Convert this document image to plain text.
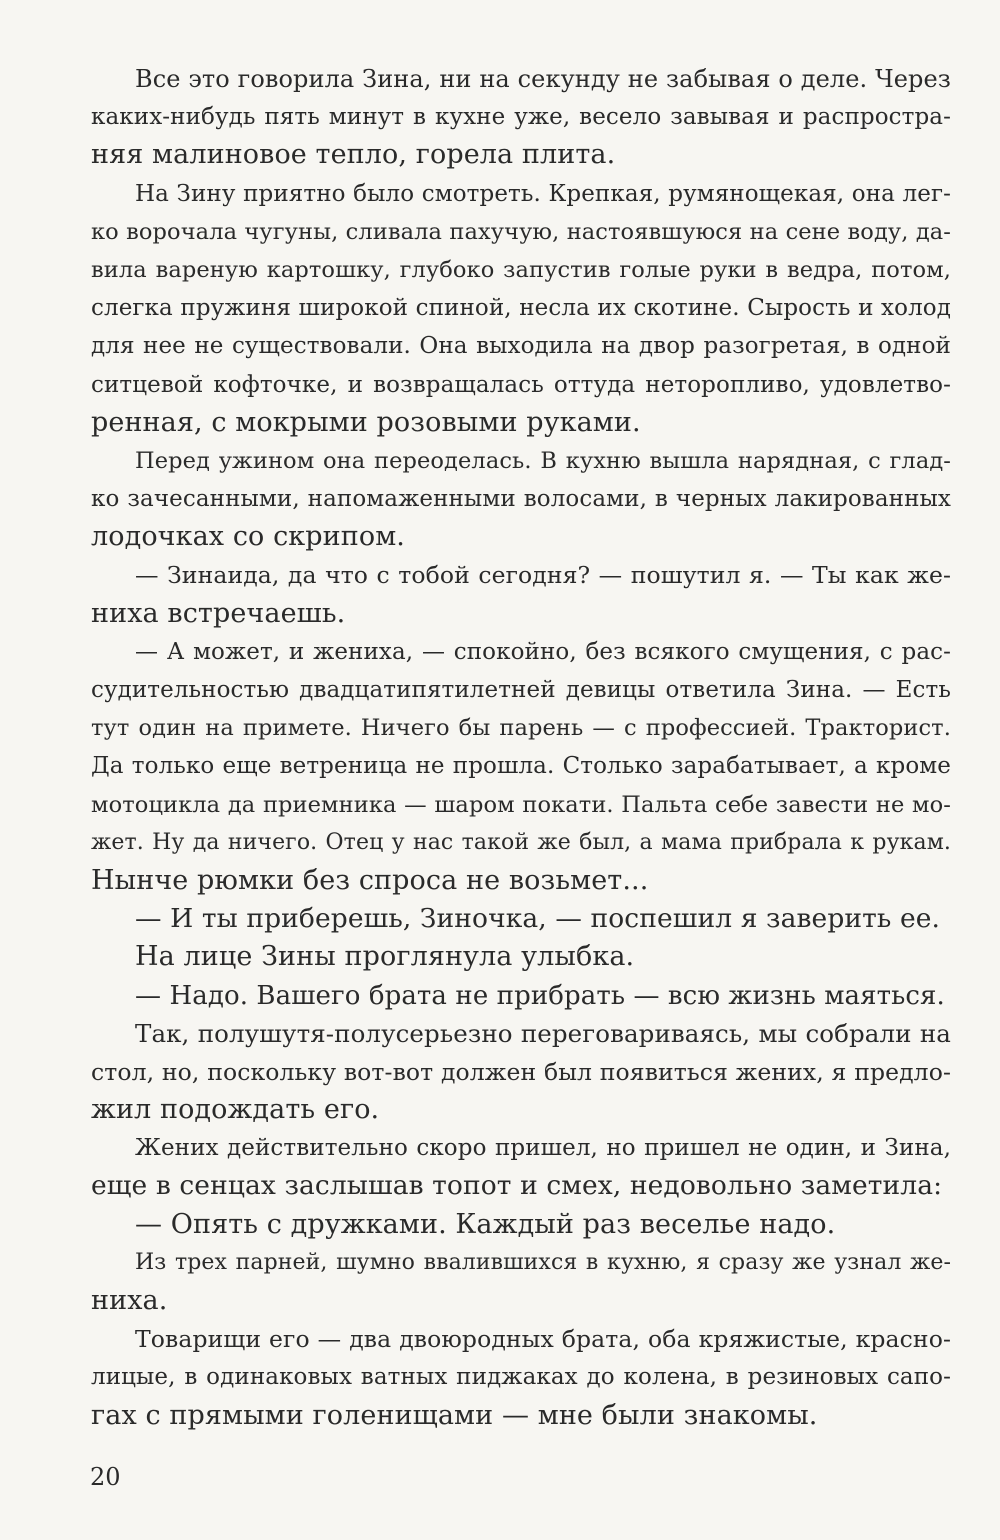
Все это говорила Зина, ни на секунду не забывая о деле. Через
каких-нибудь пять минут в кухне уже, весело завывая и распростра-
няя малиновое тепло, горела плита.
На Зину приятно было смотреть. Крепкая, румянощекая, она лег-
ко ворочала чугуны, сливала пахучую, настоявшуюся на сене воду, да-
вила вареную картошку, глубоко запустив голые руки в ведра, потом,
слегка пружиня широкой спиной, несла их скотине. Сырость и холод
для нее не существовали. Она выходила на двор разогретая, в одной
ситцевой кофточке, и возвращалась оттуда неторопливо, удовлетво-
ренная, с мокрыми розовыми руками.
Перед ужином она переоделась. В кухню вышла нарядная, с глад-
ко зачесанными, напомаженными волосами, в черных лакированных
лодочках со скрипом.
— Зинаида, да что с тобой сегодня? — пошутил я. — Ты как же-
ниха встречаешь.
— А может, и жениха, — спокойно, без всякого смущения, с рас-
судительностью двадцатипятилетней девицы ответила Зина. — Есть
тут один на примете. Ничего бы парень — с профессией. Тракторист.
Да только еще ветреница не прошла. Столько зарабатывает, а кроме
мотоцикла да приемника — шаром покати. Пальта себе завести не мо-
жет. Ну да ничего. Отец у нас такой же был, а мама прибрала к рукам.
Нынче рюмки без спроса не возьмет...
— И ты приберешь, Зиночка, — поспешил я заверить ее.
На лице Зины проглянула улыбка.
— Надо. Вашего брата не прибрать — всю жизнь маяться.
Так, полушутя-полусерьезно переговариваясь, мы собрали на
стол, но, поскольку вот-вот должен был появиться жених, я предло-
жил подождать его.
Жених действительно скоро пришел, но пришел не один, и Зина,
еще в сенцах заслышав топот и смех, недовольно заметила:
— Опять с дружками. Каждый раз веселье надо.
Из трех парней, шумно ввалившихся в кухню, я сразу же узнал же-
ниха.
Товарищи его — два двоюродных брата, оба кряжистые, красно-
лицые, в одинаковых ватных пиджаках до колена, в резиновых сапо-
гах с прямыми голенищами — мне были знакомы.
20
